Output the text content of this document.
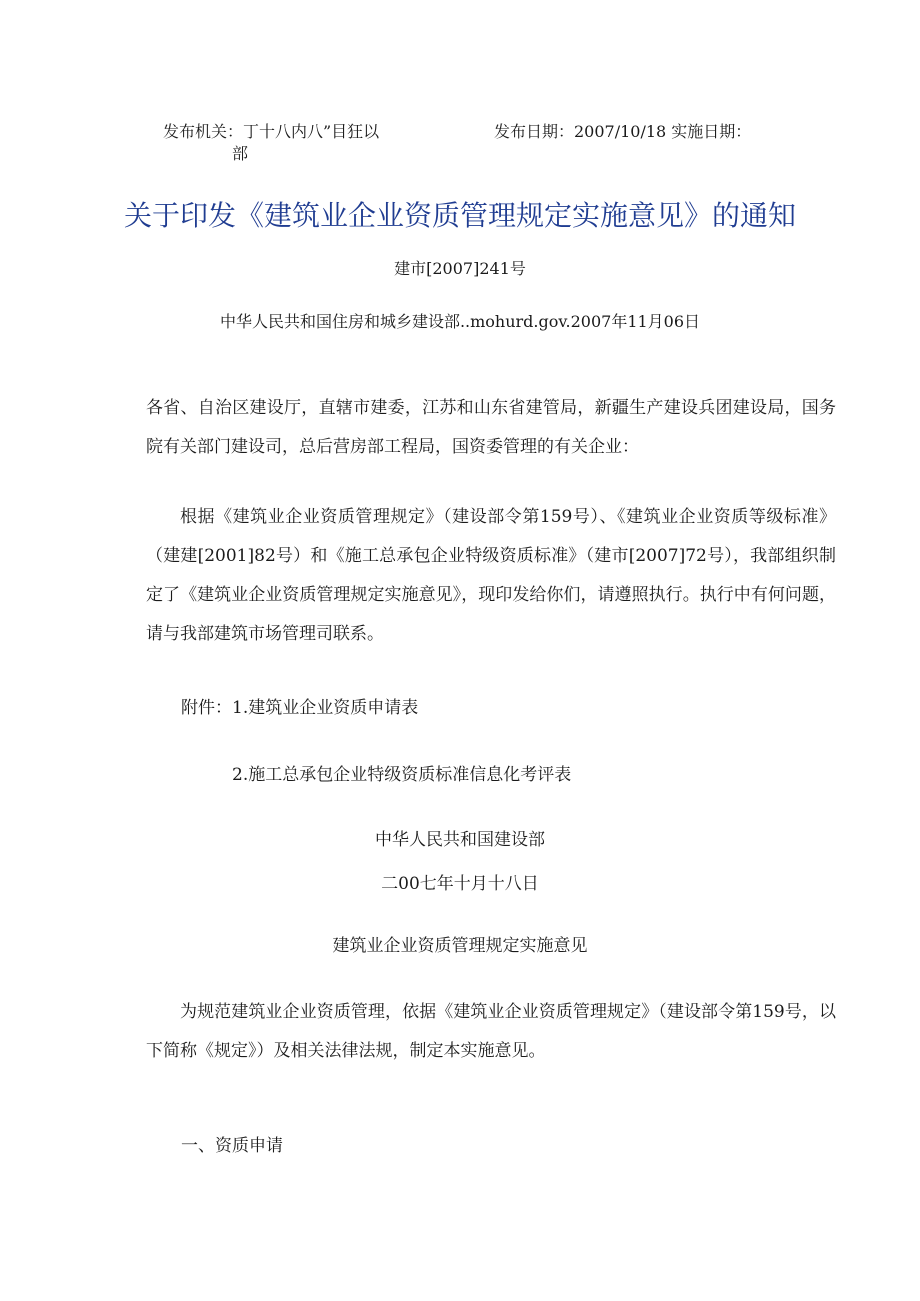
发布机关：丁十八内八”目狂以
部
发布日期：2007/10/18 实施日期：
关于印发《建筑业企业资质管理规定实施意见》的通知
建市[2007]241号
中华人民共和国住房和城乡建设部..mohurd.gov.2007年11月06日
各省、自治区建设厅，直辖市建委，江苏和山东省建管局，新疆生产建设兵团建设局，国务院有关部门建设司，总后营房部工程局，国资委管理的有关企业：
根据《建筑业企业资质管理规定》（建设部令第159号）、《建筑业企业资质等级标准》（建建[2001]82号）和《施工总承包企业特级资质标准》（建市[2007]72号），我部组织制定了《建筑业企业资质管理规定实施意见》，现印发给你们，请遵照执行。执行中有何问题，请与我部建筑市场管理司联系。
附件：1.建筑业企业资质申请表
2.施工总承包企业特级资质标准信息化考评表
中华人民共和国建设部
二00七年十月十八日
建筑业企业资质管理规定实施意见
为规范建筑业企业资质管理，依据《建筑业企业资质管理规定》（建设部令第159号，以下简称《规定》）及相关法律法规，制定本实施意见。
一、资质申请
